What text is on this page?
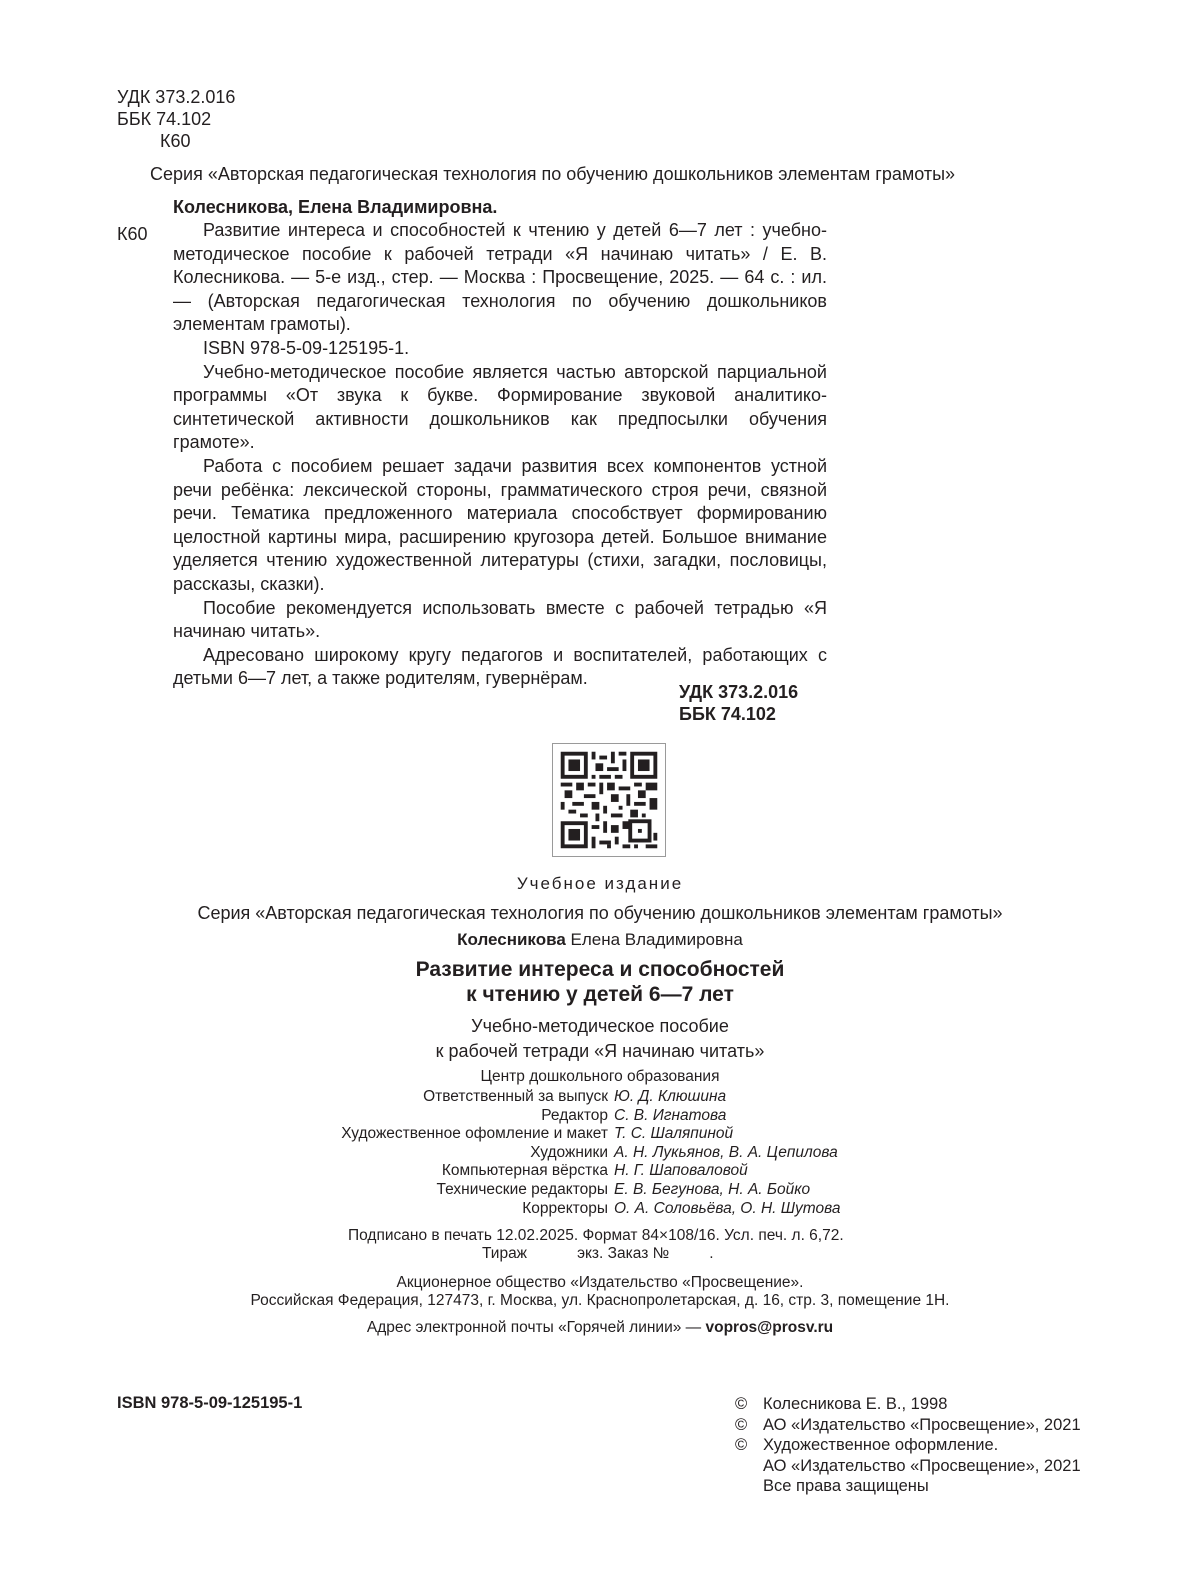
УДК 373.2.016
ББК 74.102
К60
Серия «Авторская педагогическая технология по обучению дошкольников элементам грамоты»
К60
Колесникова, Елена Владимировна.

Развитие интереса и способностей к чтению у детей 6—7 лет : учебно-методическое пособие к рабочей тетради «Я начинаю читать» / Е. В. Колесникова. — 5-е изд., стер. — Москва : Просвещение, 2025. — 64 с. : ил. — (Авторская педагогическая технология по обучению дошкольников элементам грамоты).

ISBN 978-5-09-125195-1.

Учебно-методическое пособие является частью авторской парциальной программы «От звука к букве. Формирование звуковой аналитико-синтетической активности дошкольников как предпосылки обучения грамоте».

Работа с пособием решает задачи развития всех компонентов устной речи ребёнка: лексической стороны, грамматического строя речи, связной речи. Тематика предложенного материала способствует формированию целостной картины мира, расширению кругозора детей. Большое внимание уделяется чтению художественной литературы (стихи, загадки, пословицы, рассказы, сказки).

Пособие рекомендуется использовать вместе с рабочей тетрадью «Я начинаю читать».

Адресовано широкому кругу педагогов и воспитателей, работающих с детьми 6—7 лет, а также родителям, гувернёрам.

УДК 373.2.016
ББК 74.102
Учебное издание
Серия «Авторская педагогическая технология по обучению дошкольников элементам грамоты»
Колесникова Елена Владимировна
Развитие интереса и способностей
к чтению у детей 6—7 лет
Учебно-методическое пособие
к рабочей тетради «Я начинаю читать»
Центр дошкольного образования
Ответственный за выпуск Ю. Д. Клюшина
Редактор С. В. Игнатова
Художественное офомление и макет Т. С. Шаляпиной
Художники А. Н. Лукьянов, В. А. Цепилова
Компьютерная вёрстка Н. Г. Шаповаловой
Технические редакторы Е. В. Бегунова, Н. А. Бойко
Корректоры О. А. Соловьёва, О. Н. Шутова
Подписано в печать 12.02.2025. Формат 84×108/16. Усл. печ. л. 6,72.
Тираж	экз. Заказ №	.
Акционерное общество «Издательство «Просвещение».
Российская Федерация, 127473, г. Москва, ул. Краснопролетарская, д. 16, стр. 3, помещение 1Н.
Адрес электронной почты «Горячей линии» — vopros@prosv.ru
ISBN 978-5-09-125195-1	© Колесникова Е. В., 1998
© АО «Издательство «Просвещение», 2021
© Художественное оформление.
АО «Издательство «Просвещение», 2021
Все права защищены
